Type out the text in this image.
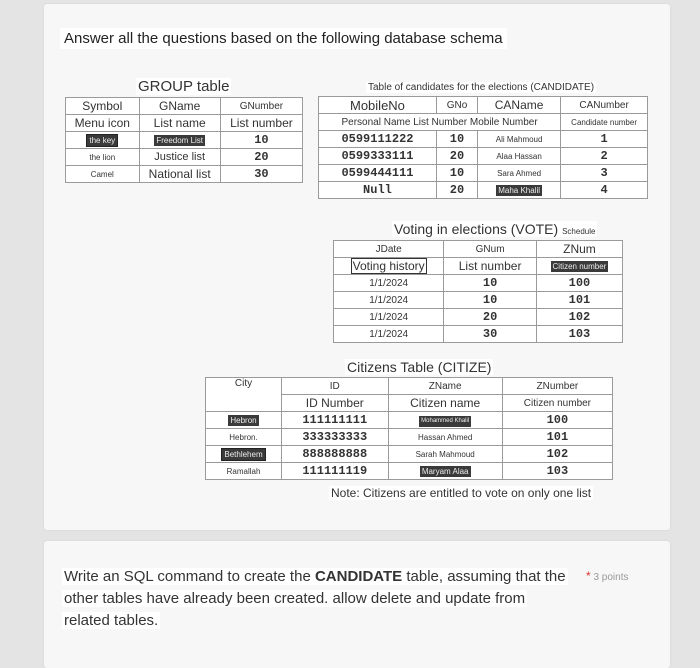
Answer all the questions based on the following database schema
GROUP table
Symbol	GName	GNumber
Menu icon	List name	List number
the key	Freedom List	10
the lion	Justice list	20
Camel	National list	30
Table of candidates for the elections (CANDIDATE)
MobileNo	GNo	CAName	CANumber
Personal Name List Number Mobile Number			Candidate number
0599111222	10	Ali Mahmoud	1
0599333111	20	Alaa Hassan	2
0599444111	10	Sara Ahmed	3
Null	20	Maha Khalil	4
Voting in elections (VOTE) Schedule
JDate	GNum	ZNum
Voting history	List number	Citizen number
1/1/2024	10	100
1/1/2024	10	101
1/1/2024	20	102
1/1/2024	30	103
Citizens Table (CITIZE)
City	ID	ZName	ZNumber
	ID Number	Citizen name	Citizen number
Hebron	111111111	Mohammed Khalil	100
Hebron.	333333333	Hassan Ahmed	101
Bethlehem	888888888	Sarah Mahmoud	102
Ramallah	111111119	Maryam Alaa	103
Note: Citizens are entitled to vote on only one list
Write an SQL command to create the CANDIDATE table, assuming that the
other tables have already been created. allow delete and update from
related tables.
* 3 points
